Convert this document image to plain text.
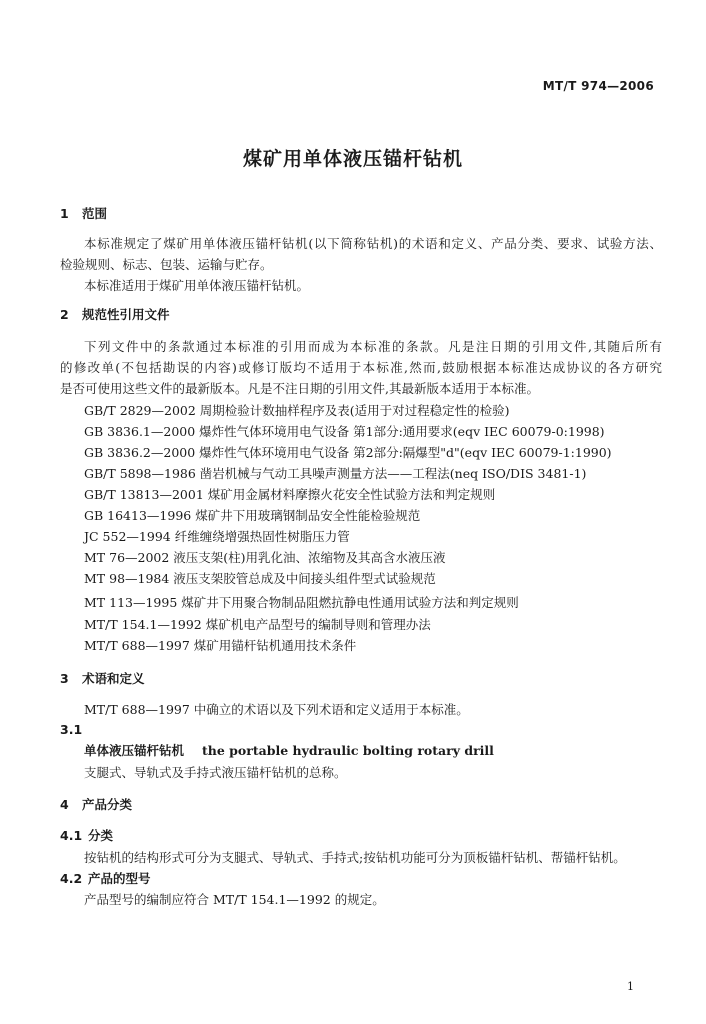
MT/T 974—2006
煤矿用单体液压锚杆钻机
1 范围
本标准规定了煤矿用单体液压锚杆钻机(以下简称钻机)的术语和定义、产品分类、要求、试验方法、
检验规则、标志、包装、运输与贮存。
本标准适用于煤矿用单体液压锚杆钻机。
2 规范性引用文件
下列文件中的条款通过本标准的引用而成为本标准的条款。凡是注日期的引用文件,其随后所有
的修改单(不包括勘误的内容)或修订版均不适用于本标准,然而,鼓励根据本标准达成协议的各方研究
是否可使用这些文件的最新版本。凡是不注日期的引用文件,其最新版本适用于本标准。
GB/T 2829—2002 周期检验计数抽样程序及表(适用于对过程稳定性的检验)
GB 3836.1—2000 爆炸性气体环境用电气设备 第1部分:通用要求(eqv IEC 60079-0:1998)
GB 3836.2—2000 爆炸性气体环境用电气设备 第2部分:隔爆型"d"(eqv IEC 60079-1:1990)
GB/T 5898—1986 凿岩机械与气动工具噪声测量方法——工程法(neq ISO/DIS 3481-1)
GB/T 13813—2001 煤矿用金属材料摩擦火花安全性试验方法和判定规则
GB 16413—1996 煤矿井下用玻璃钢制品安全性能检验规范
JC 552—1994 纤维缠绕增强热固性树脂压力管
MT 76—2002 液压支架(柱)用乳化油、浓缩物及其高含水液压液
MT 98—1984 液压支架胶管总成及中间接头组件型式试验规范
MT 113—1995 煤矿井下用聚合物制品阻燃抗静电性通用试验方法和判定规则
MT/T 154.1—1992 煤矿机电产品型号的编制导则和管理办法
MT/T 688—1997 煤矿用锚杆钻机通用技术条件
3 术语和定义
MT/T 688—1997 中确立的术语以及下列术语和定义适用于本标准。
3.1
单体液压锚杆钻机 the portable hydraulic bolting rotary drill
支腿式、导轨式及手持式液压锚杆钻机的总称。
4 产品分类
4.1 分类
按钻机的结构形式可分为支腿式、导轨式、手持式;按钻机功能可分为顶板锚杆钻机、帮锚杆钻机。
4.2 产品的型号
产品型号的编制应符合 MT/T 154.1—1992 的规定。
1
